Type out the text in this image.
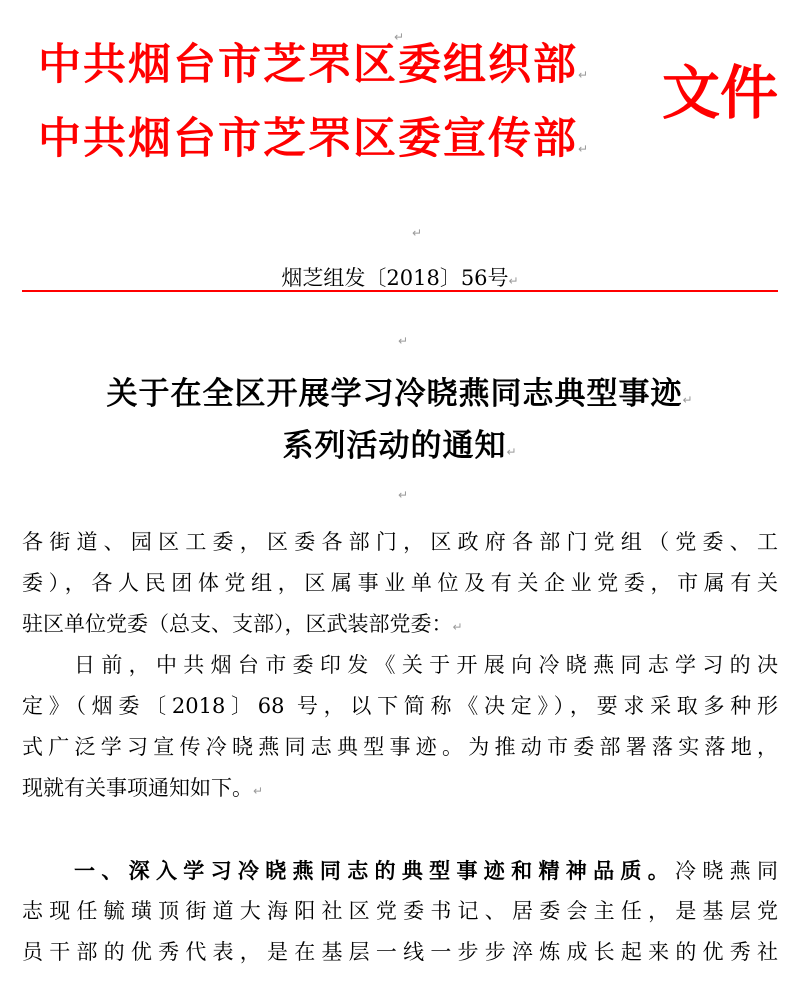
中共烟台市芝罘区委组织部↵
中共烟台市芝罘区委宣传部↵
文件
↵
↵
烟芝组发〔2018〕56号↵
↵
关于在全区开展学习冷晓燕同志典型事迹↵
系列活动的通知↵
↵
各街道、园区工委，区委各部门，区政府各部门党组（党委、工
委），各人民团体党组，区属事业单位及有关企业党委，市属有关
驻区单位党委（总支、支部），区武装部党委：↵
日前，中共烟台市委印发《关于开展向冷晓燕同志学习的决
定》（烟委〔2018〕68 号，以下简称《决定》），要求采取多种形
式广泛学习宣传冷晓燕同志典型事迹。为推动市委部署落实落地，
现就有关事项通知如下。↵
一、深入学习冷晓燕同志的典型事迹和精神品质。冷晓燕同
志现任毓璜顶街道大海阳社区党委书记、居委会主任，是基层党
员干部的优秀代表，是在基层一线一步步淬炼成长起来的优秀社
